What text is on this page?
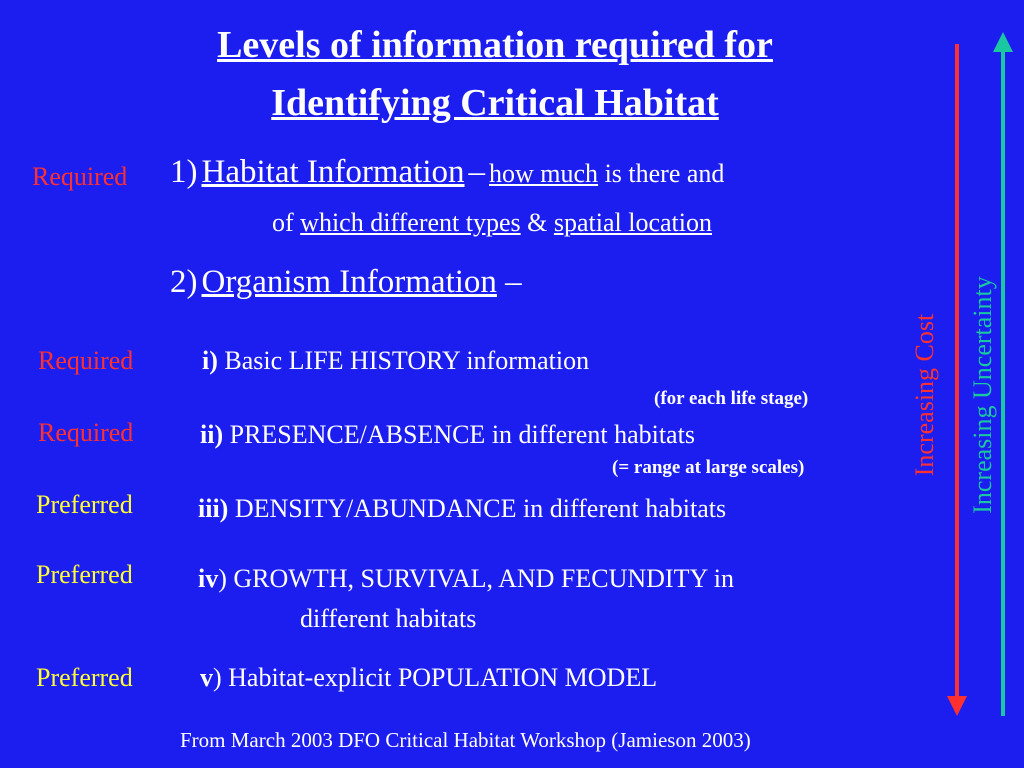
Levels of information required for
Identifying Critical Habitat
Required 1) Habitat Information – how much is there and
of which different types & spatial location
2) Organism Information –
Required	i) Basic LIFE HISTORY information
(for each life stage)
Required	ii) PRESENCE/ABSENCE in different habitats
(= range at large scales)
Preferred	iii) DENSITY/ABUNDANCE in different habitats
Preferred	iv) GROWTH, SURVIVAL, AND FECUNDITY in
different habitats
Preferred	v) Habitat-explicit POPULATION MODEL
Increasing Cost Increasing Uncertainty
From March 2003 DFO Critical Habitat Workshop (Jamieson 2003)
